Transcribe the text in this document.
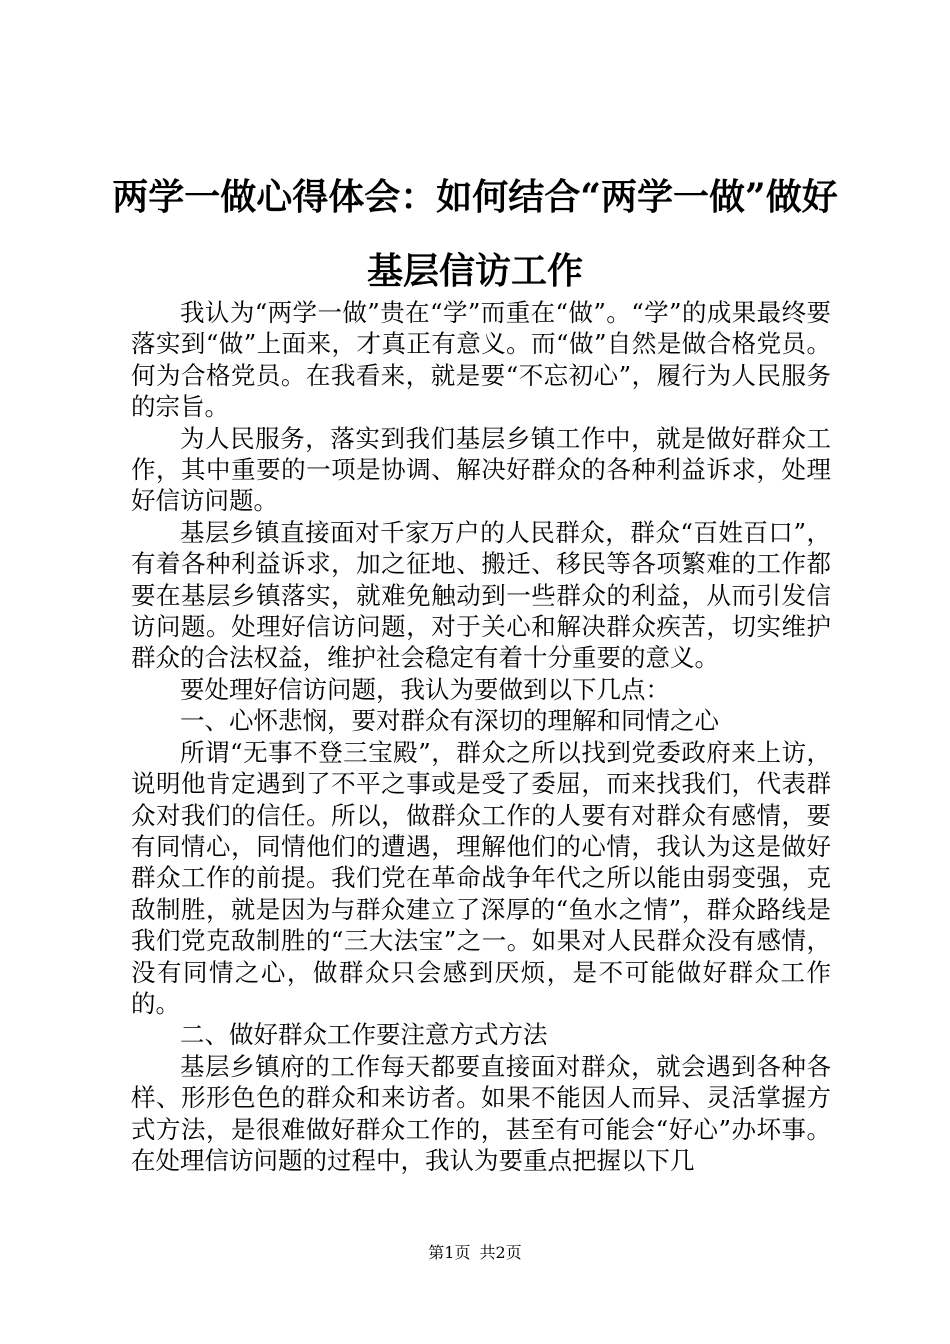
两学一做心得体会：如何结合“两学一做”做好基层信访工作

我认为“两学一做”贵在“学”而重在“做”。“学”的成果最终要落实到“做”上面来，才真正有意义。而“做”自然是做合格党员。何为合格党员。在我看来，就是要“不忘初心”，履行为人民服务的宗旨。

为人民服务，落实到我们基层乡镇工作中，就是做好群众工作，其中重要的一项是协调、解决好群众的各种利益诉求，处理好信访问题。

基层乡镇直接面对千家万户的人民群众，群众“百姓百口”，有着各种利益诉求，加之征地、搬迁、移民等各项繁难的工作都要在基层乡镇落实，就难免触动到一些群众的利益，从而引发信访问题。处理好信访问题，对于关心和解决群众疾苦，切实维护群众的合法权益，维护社会稳定有着十分重要的意义。

要处理好信访问题，我认为要做到以下几点：

一、心怀悲悯，要对群众有深切的理解和同情之心

所谓“无事不登三宝殿”，群众之所以找到党委政府来上访，说明他肯定遇到了不平之事或是受了委屈，而来找我们，代表群众对我们的信任。所以，做群众工作的人要有对群众有感情，要有同情心，同情他们的遭遇，理解他们的心情，我认为这是做好群众工作的前提。我们党在革命战争年代之所以能由弱变强，克敌制胜，就是因为与群众建立了深厚的“鱼水之情”，群众路线是我们党克敌制胜的“三大法宝”之一。如果对人民群众没有感情，没有同情之心，做群众只会感到厌烦，是不可能做好群众工作的。

二、做好群众工作要注意方式方法

基层乡镇府的工作每天都要直接面对群众，就会遇到各种各样、形形色色的群众和来访者。如果不能因人而异、灵活掌握方式方法，是很难做好群众工作的，甚至有可能会“好心”办坏事。在处理信访问题的过程中，我认为要重点把握以下几

第1页 共2页
